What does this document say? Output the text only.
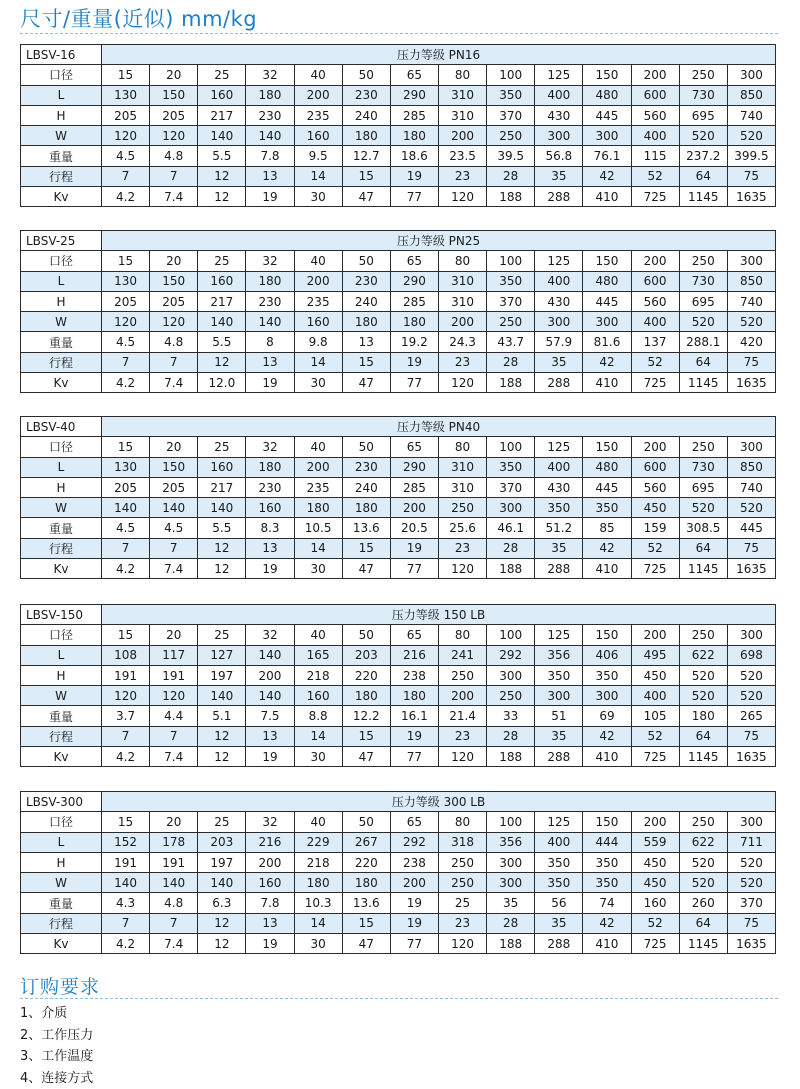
尺寸/重量(近似) mm/kg
LBSV-16	压力等级 PN16													
口径	15	20	25	32	40	50	65	80	100	125	150	200	250	300
L	130	150	160	180	200	230	290	310	350	400	480	600	730	850
H	205	205	217	230	235	240	285	310	370	430	445	560	695	740
W	120	120	140	140	160	180	180	200	250	300	300	400	520	520
重量	4.5	4.8	5.5	7.8	9.5	12.7	18.6	23.5	39.5	56.8	76.1	115	237.2	399.5
行程	7	7	12	13	14	15	19	23	28	35	42	52	64	75
Kv	4.2	7.4	12	19	30	47	77	120	188	288	410	725	1145	1635
LBSV-25	压力等级 PN25													
口径	15	20	25	32	40	50	65	80	100	125	150	200	250	300
L	130	150	160	180	200	230	290	310	350	400	480	600	730	850
H	205	205	217	230	235	240	285	310	370	430	445	560	695	740
W	120	120	140	140	160	180	180	200	250	300	300	400	520	520
重量	4.5	4.8	5.5	8	9.8	13	19.2	24.3	43.7	57.9	81.6	137	288.1	420
行程	7	7	12	13	14	15	19	23	28	35	42	52	64	75
Kv	4.2	7.4	12.0	19	30	47	77	120	188	288	410	725	1145	1635
LBSV-40	压力等级 PN40													
口径	15	20	25	32	40	50	65	80	100	125	150	200	250	300
L	130	150	160	180	200	230	290	310	350	400	480	600	730	850
H	205	205	217	230	235	240	285	310	370	430	445	560	695	740
W	140	140	140	160	180	180	200	250	300	350	350	450	520	520
重量	4.5	4.5	5.5	8.3	10.5	13.6	20.5	25.6	46.1	51.2	85	159	308.5	445
行程	7	7	12	13	14	15	19	23	28	35	42	52	64	75
Kv	4.2	7.4	12	19	30	47	77	120	188	288	410	725	1145	1635
LBSV-150	压力等级 150 LB													
口径	15	20	25	32	40	50	65	80	100	125	150	200	250	300
L	108	117	127	140	165	203	216	241	292	356	406	495	622	698
H	191	191	197	200	218	220	238	250	300	350	350	450	520	520
W	120	120	140	140	160	180	180	200	250	300	300	400	520	520
重量	3.7	4.4	5.1	7.5	8.8	12.2	16.1	21.4	33	51	69	105	180	265
行程	7	7	12	13	14	15	19	23	28	35	42	52	64	75
Kv	4.2	7.4	12	19	30	47	77	120	188	288	410	725	1145	1635
LBSV-300	压力等级 300 LB													
口径	15	20	25	32	40	50	65	80	100	125	150	200	250	300
L	152	178	203	216	229	267	292	318	356	400	444	559	622	711
H	191	191	197	200	218	220	238	250	300	350	350	450	520	520
W	140	140	140	160	180	180	200	250	300	350	350	450	520	520
重量	4.3	4.8	6.3	7.8	10.3	13.6	19	25	35	56	74	160	260	370
行程	7	7	12	13	14	15	19	23	28	35	42	52	64	75
Kv	4.2	7.4	12	19	30	47	77	120	188	288	410	725	1145	1635
订购要求
1、介质
2、工作压力
3、工作温度
4、连接方式
